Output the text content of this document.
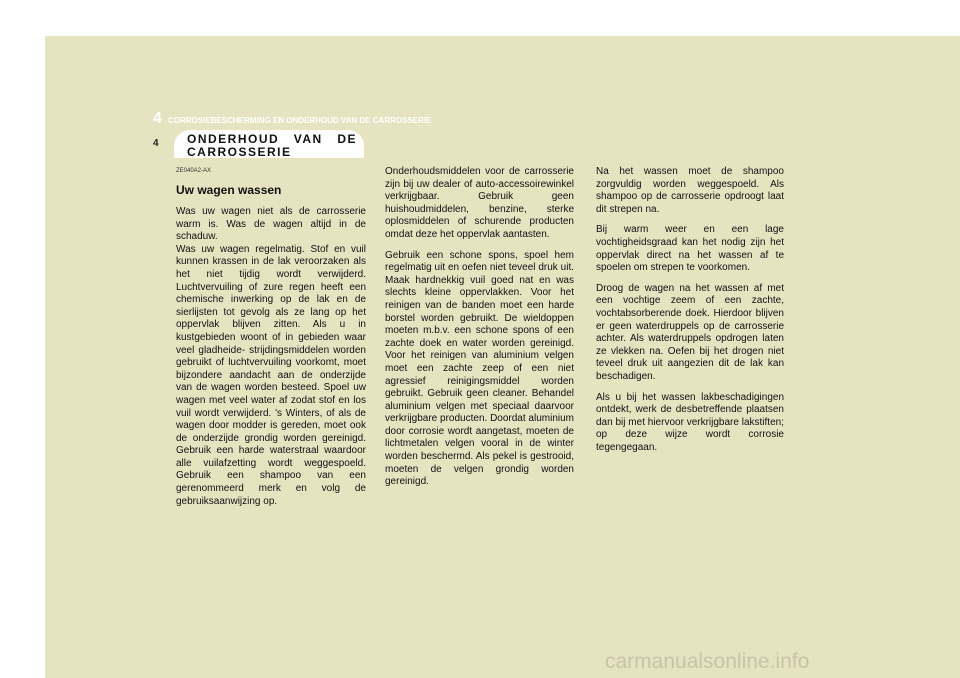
4 CORROSIEBESCHERMING EN ONDERHOUD VAN DE CARROSSERIE
4 ONDERHOUD VAN DE CARROSSERIE

ZE040A2-AX

Uw wagen wassen

Was uw wagen niet als de carrosserie warm is. Was de wagen altijd in de schaduw.
Was uw wagen regelmatig. Stof en vuil kunnen krassen in de lak veroorzaken als het niet tijdig wordt verwijderd. Luchtvervuiling of zure regen heeft een chemische inwerking op de lak en de sierlijsten tot gevolg als ze lang op het oppervlak blijven zitten. Als u in kustgebieden woont of in gebieden waar veel gladheide- strijdingsmiddelen worden gebruikt of luchtvervuiling voorkomt, moet bijzondere aandacht aan de onderzijde van de wagen worden besteed. Spoel uw wagen met veel water af zodat stof en los vuil wordt verwijderd. 's Winters, of als de wagen door modder is gereden, moet ook de onderzijde grondig worden gereinigd. Gebruik een harde waterstraal waardoor alle vuilafzetting wordt weggespoeld. Gebruik een shampoo van een gerenommeerd merk en volg de gebruiksaanwijzing op.

Onderhoudsmiddelen voor de carrosserie zijn bij uw dealer of auto-accessoirewinkel verkrijgbaar. Gebruik geen huishoudmiddelen, benzine, sterke oplosmiddelen of schurende producten omdat deze het oppervlak aantasten.

Gebruik een schone spons, spoel hem regelmatig uit en oefen niet teveel druk uit. Maak hardnekkig vuil goed nat en was slechts kleine oppervlakken. Voor het reinigen van de banden moet een harde borstel worden gebruikt. De wieldoppen moeten m.b.v. een schone spons of een zachte doek en water worden gereinigd. Voor het reinigen van aluminium velgen moet een zachte zeep of een niet agressief reinigingsmiddel worden gebruikt. Gebruik geen cleaner. Behandel aluminium velgen met speciaal daarvoor verkrijgbare producten. Doordat aluminium door corrosie wordt aangetast, moeten de lichtmetalen velgen vooral in de winter worden beschermd. Als pekel is gestrooid, moeten de velgen grondig worden gereinigd.

Na het wassen moet de shampoo zorgvuldig worden weggespoeld. Als shampoo op de carrosserie opdroogt laat dit strepen na.

Bij warm weer en een lage vochtigheidsgraad kan het nodig zijn het oppervlak direct na het wassen af te spoelen om strepen te voorkomen.

Droog de wagen na het wassen af met een vochtige zeem of een zachte, vochtabsorberende doek. Hierdoor blijven er geen waterdruppels op de carrosserie achter. Als waterdruppels opdrogen laten ze vlekken na. Oefen bij het drogen niet teveel druk uit aangezien dit de lak kan beschadigen.

Als u bij het wassen lakbeschadigingen ontdekt, werk de desbetreffende plaatsen dan bij met hiervoor verkrijgbare lakstiften; op deze wijze wordt corrosie tegengegaan.

carmanualsonline.info
